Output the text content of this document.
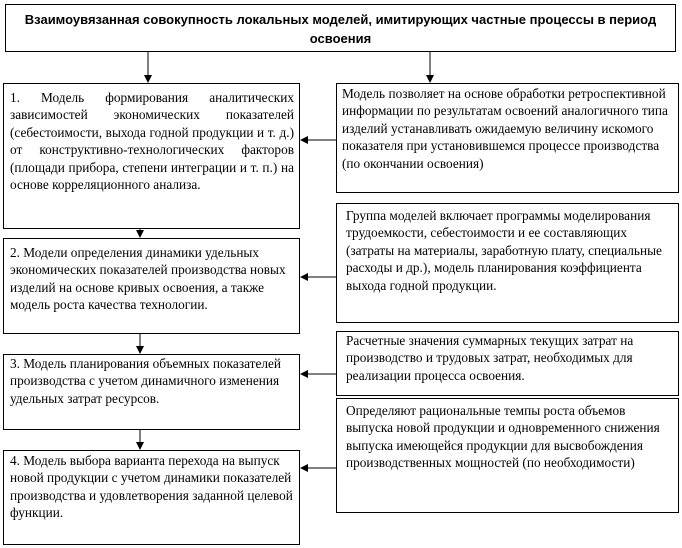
Взаимоувязанная совокупность локальных моделей, имитирующих частные процессы в период освоения
1. Модель формирования аналитических зависимостей экономических показателей (себестоимости, выхода годной продукции и т. д.) от конструктивно-технологических факторов (площади прибора, степени интеграции и т. п.) на основе корреляционного анализа.
2. Модели определения динамики удельных экономических показателей производства новых изделий на основе кривых освоения, а также модель роста качества технологии.
3. Модель планирования объемных показателей производства с учетом динамичного изменения удельных затрат ресурсов.
4. Модель выбора варианта перехода на выпуск новой продукции с учетом динамики показателей производства и удовлетворения заданной целевой функции.
Модель позволяет на основе обработки ретроспективной информации по результатам освоений аналогичного типа изделий устанавливать ожидаемую величину искомого показателя при установившемся процессе производства (по окончании освоения)
Группа моделей включает программы моделирования трудоемкости, себестоимости и ее составляющих (затраты на материалы, заработную плату, специальные расходы и др.), модель планирования коэффициента выхода годной продукции.
Расчетные значения суммарных текущих затрат на производство и трудовых затрат, необходимых для реализации процесса освоения.
Определяют рациональные темпы роста объемов выпуска новой продукции и одновременного снижения выпуска имеющейся продукции для высвобождения производственных мощностей (по необходимости)
